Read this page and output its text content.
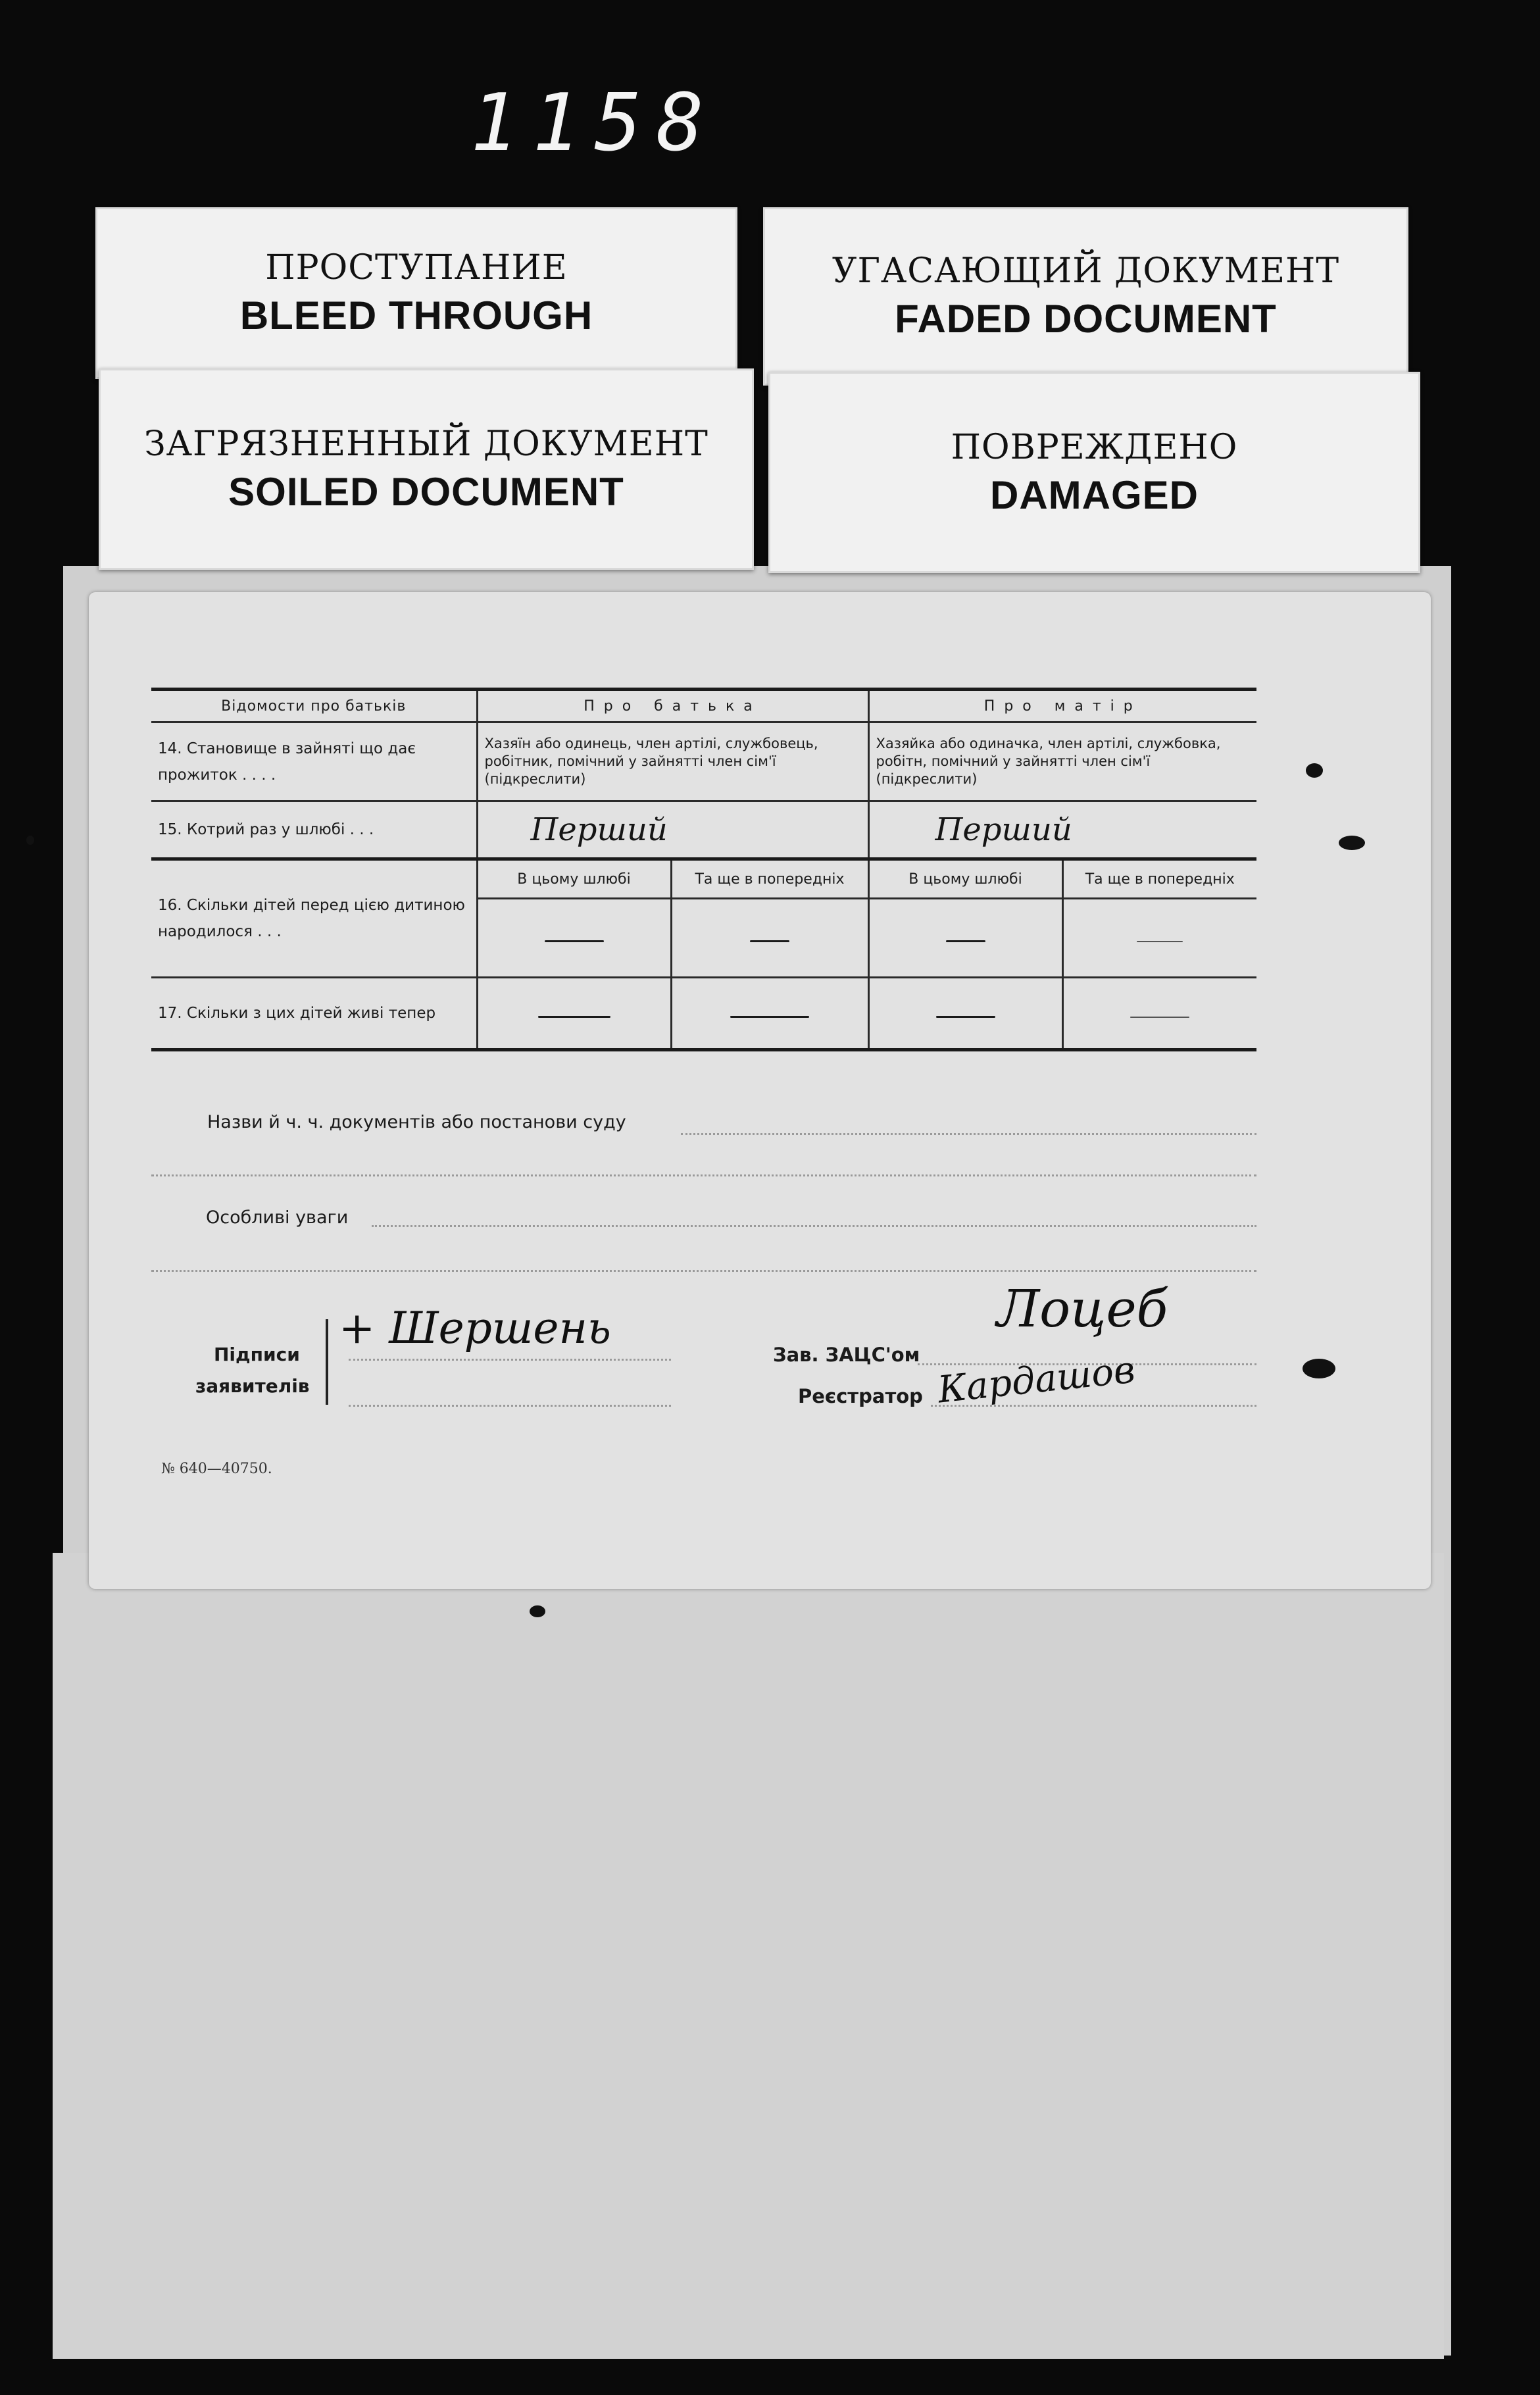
1158
ПРОСТУПАНИЕ
BLEED THROUGH
УГАСАЮЩИЙ ДОКУМЕНТ
FADED DOCUMENT
ЗАГРЯЗНЕННЫЙ ДОКУМЕНТ
SOILED DOCUMENT
ПОВРЕЖДЕНО
DAMAGED
Відомости про батьків	Про батька		Про матір	
14. Становище в зайняті що дає прожиток . . . .	Хазяїн або одинець, член артілі, службовець, робітник, помічний у зайнятті член сім'ї (підкреслити)		Хазяйка або одиначка, член артілі, службовка, робітн, помічний у зайнятті член сім'ї (підкреслити)	
15. Котрий раз у шлюбі . . .	Перший		Перший	
16. Скільки дітей перед цією дитиною народилося . . .	В цьому шлюбі	Та ще в попередніх	В цьому шлюбі	Та ще в попередніх

17. Скільки з цих дітей живі тепер				
Назви й ч. ч. документів або постанови суду
Особливі уваги
Підписи
заявителів
+ Шершень
Зав. ЗАЦС'ом
Реєстратор
Лоцеб
Кардашов
№ 640—40750.
